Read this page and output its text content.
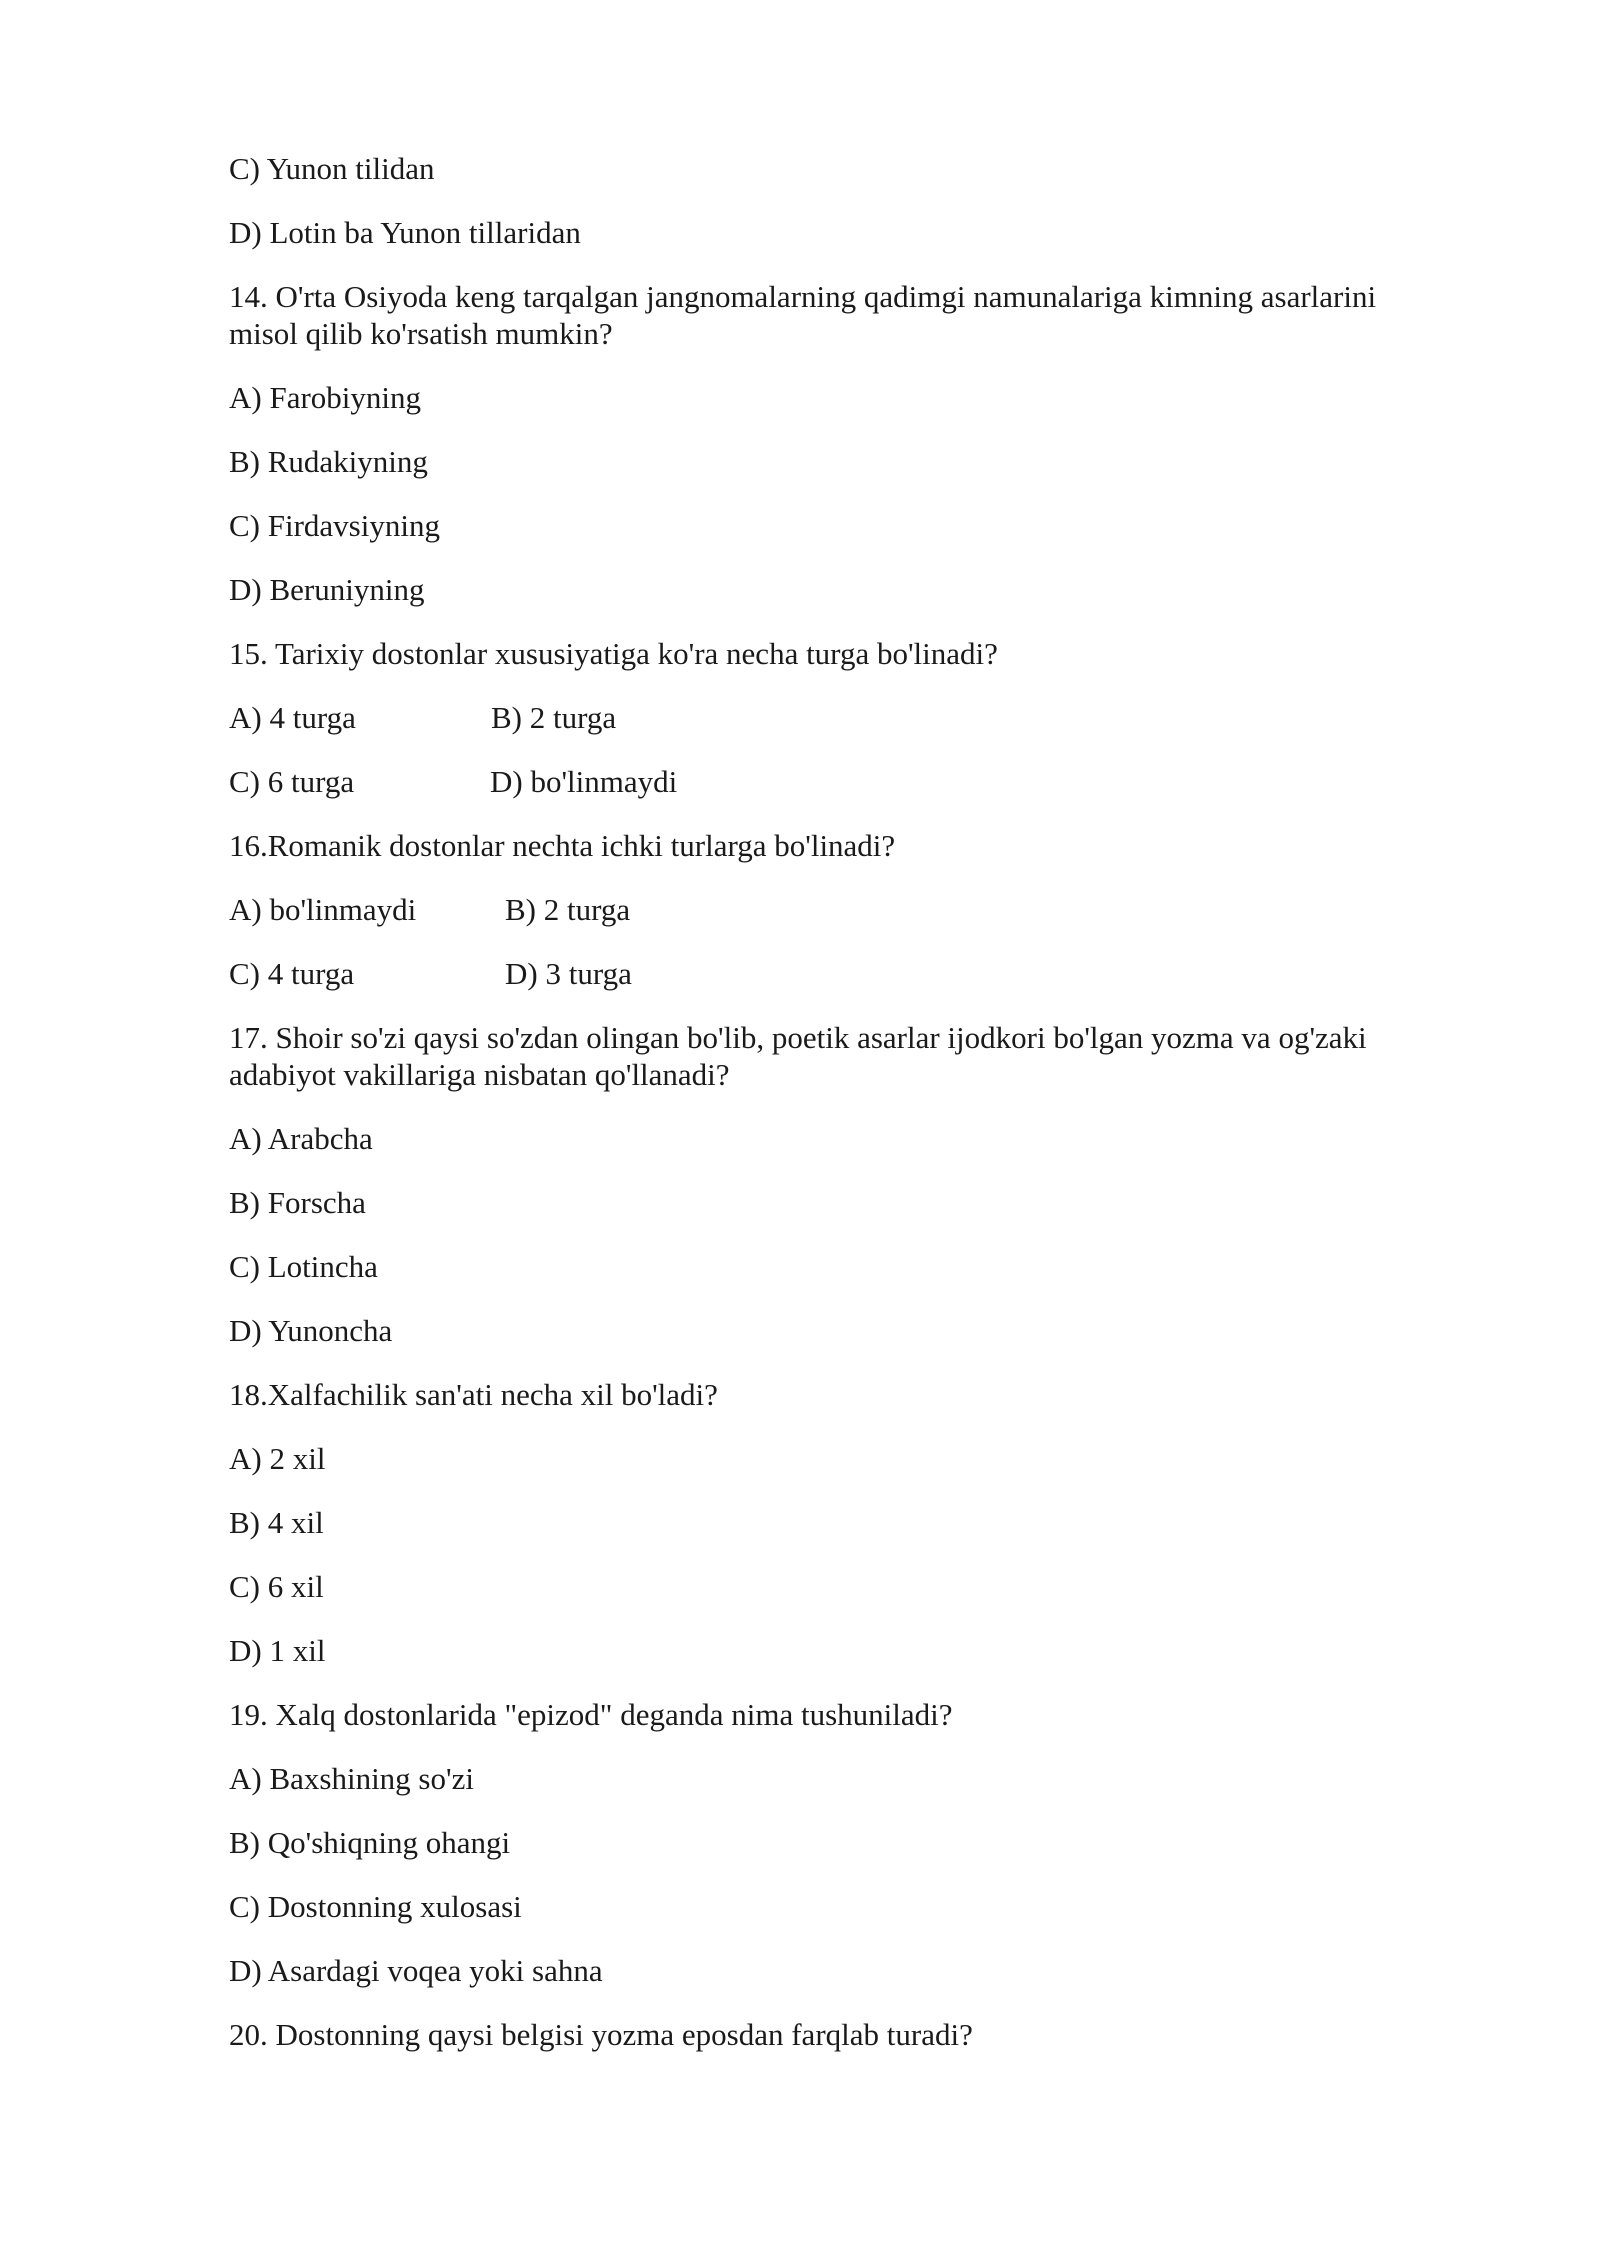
C) Yunon tilidan
D) Lotin ba Yunon tillaridan
14. O'rta Osiyoda keng tarqalgan jangnomalarning qadimgi namunalariga kimning asarlarini
misol qilib ko'rsatish mumkin?
A) Farobiyning
B) Rudakiyning
C) Firdavsiyning
D) Beruniyning
15. Tarixiy dostonlar xususiyatiga ko'ra necha turga bo'linadi?
A) 4 turga	B) 2 turga
C) 6 turga	D) bo'linmaydi
16.Romanik dostonlar nechta ichki turlarga bo'linadi?
A) bo'linmaydi	B) 2 turga
C) 4 turga	D) 3 turga
17. Shoir so'zi qaysi so'zdan olingan bo'lib, poetik asarlar ijodkori bo'lgan yozma va og'zaki
adabiyot vakillariga nisbatan qo'llanadi?
A) Arabcha
B) Forscha
C) Lotincha
D) Yunoncha
18.Xalfachilik san'ati necha xil bo'ladi?
A) 2 xil
B) 4 xil
C) 6 xil
D) 1 xil
19. Xalq dostonlarida "epizod" deganda nima tushuniladi?
A) Baxshining so'zi
B) Qo'shiqning ohangi
C) Dostonning xulosasi
D) Asardagi voqea yoki sahna
20. Dostonning qaysi belgisi yozma eposdan farqlab turadi?
